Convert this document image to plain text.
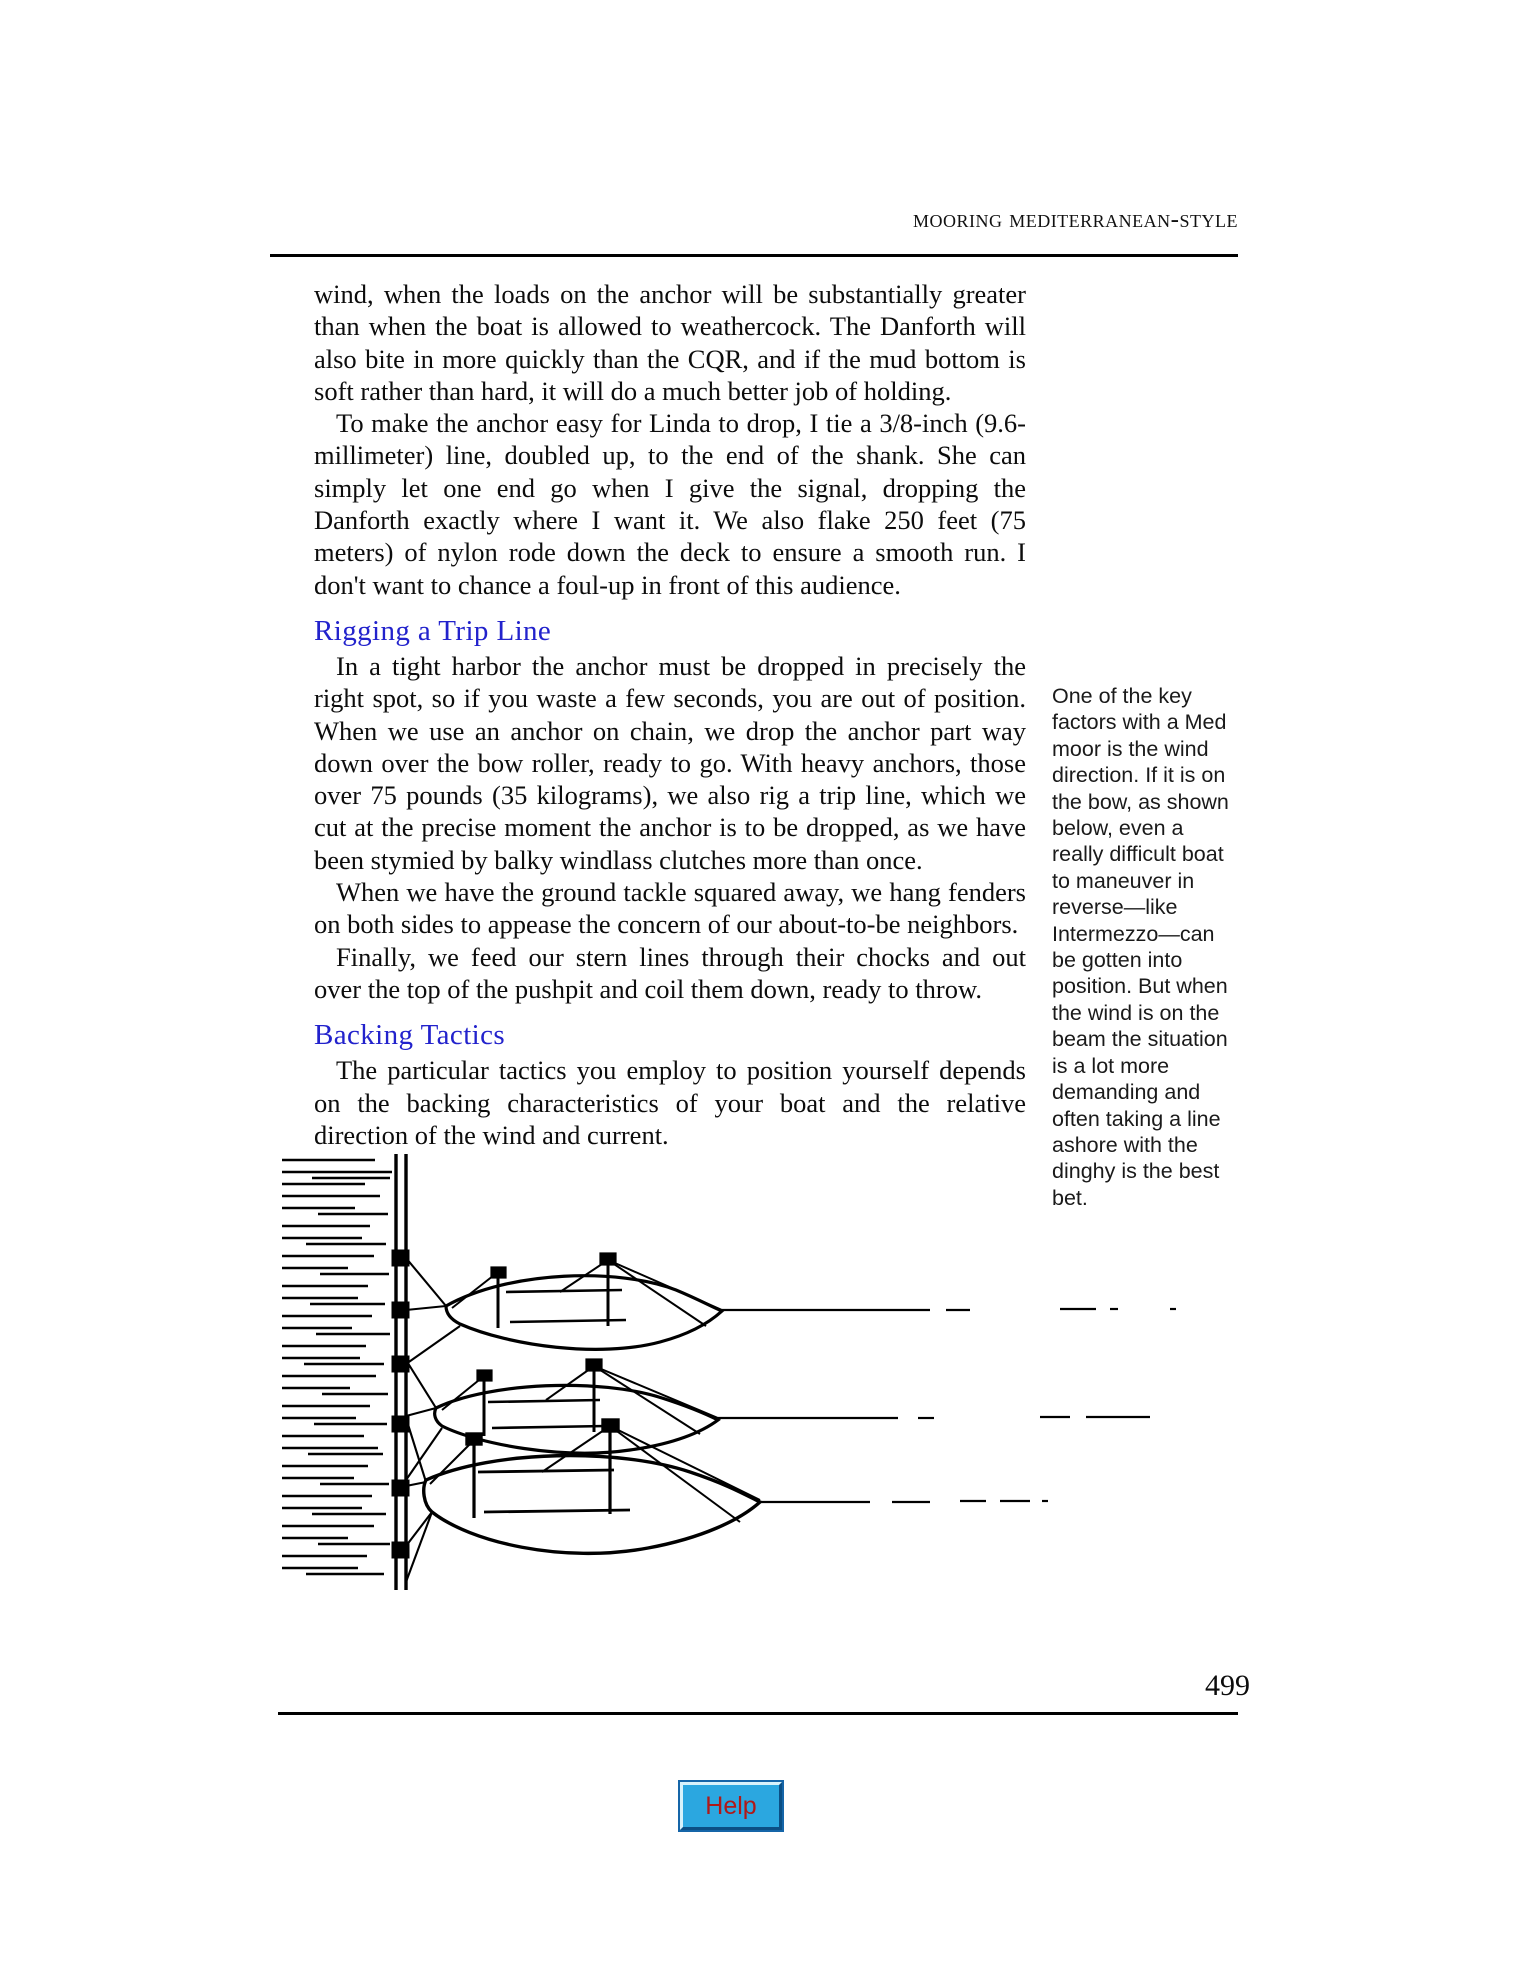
mooring mediterranean-style

wind, when the loads on the anchor will be substantially greater than when the boat is allowed to weathercock. The Danforth will also bite in more quickly than the CQR, and if the mud bottom is soft rather than hard, it will do a much better job of holding.

To make the anchor easy for Linda to drop, I tie a 3/8-inch (9.6-millimeter) line, doubled up, to the end of the shank. She can simply let one end go when I give the signal, dropping the Danforth exactly where I want it. We also flake 250 feet (75 meters) of nylon rode down the deck to ensure a smooth run. I don't want to chance a foul-up in front of this audience.

Rigging a Trip Line

In a tight harbor the anchor must be dropped in precisely the right spot, so if you waste a few seconds, you are out of position. When we use an anchor on chain, we drop the anchor part way down over the bow roller, ready to go. With heavy anchors, those over 75 pounds (35 kilograms), we also rig a trip line, which we cut at the precise moment the anchor is to be dropped, as we have been stymied by balky windlass clutches more than once.

When we have the ground tackle squared away, we hang fenders on both sides to appease the concern of our about-to-be neighbors.

Finally, we feed our stern lines through their chocks and out over the top of the pushpit and coil them down, ready to throw.

Backing Tactics

The particular tactics you employ to position yourself depends on the backing characteristics of your boat and the relative direction of the wind and current.

One of the key factors with a Med moor is the wind direction. If it is on the bow, as shown below, even a really difficult boat to maneuver in reverse—like Intermezzo—can be gotten into position. But when the wind is on the beam the situation is a lot more demanding and often taking a line ashore with the dinghy is the best bet.
499
Help
